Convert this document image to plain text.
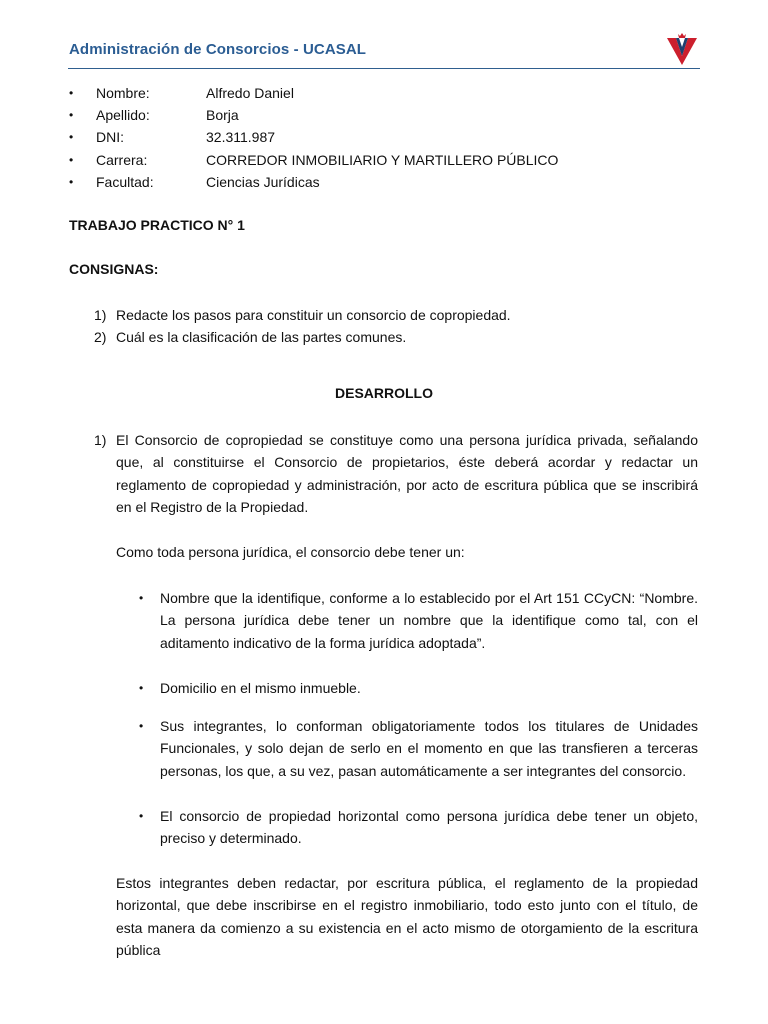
Administración de Consorcios - UCASAL
• Nombre:	Alfredo Daniel
• Apellido:	Borja
• DNI:	32.311.987
• Carrera:	CORREDOR INMOBILIARIO Y MARTILLERO PÚBLICO
• Facultad:	Ciencias Jurídicas
TRABAJO PRACTICO N° 1
CONSIGNAS:
1) Redacte los pasos para constituir un consorcio de copropiedad.
2) Cuál es la clasificación de las partes comunes.
DESARROLLO
1) El Consorcio de copropiedad se constituye como una persona jurídica privada, señalando que, al constituirse el Consorcio de propietarios, éste deberá acordar y redactar un reglamento de copropiedad y administración, por acto de escritura pública que se inscribirá en el Registro de la Propiedad.
Como toda persona jurídica, el consorcio debe tener un:
• Nombre que la identifique, conforme a lo establecido por el Art 151 CCyCN: “Nombre. La persona jurídica debe tener un nombre que la identifique como tal, con el aditamento indicativo de la forma jurídica adoptada”.
• Domicilio en el mismo inmueble.
• Sus integrantes, lo conforman obligatoriamente todos los titulares de Unidades Funcionales, y solo dejan de serlo en el momento en que las transfieren a terceras personas, los que, a su vez, pasan automáticamente a ser integrantes del consorcio.
• El consorcio de propiedad horizontal como persona jurídica debe tener un objeto, preciso y determinado.
Estos integrantes deben redactar, por escritura pública, el reglamento de la propiedad horizontal, que debe inscribirse en el registro inmobiliario, todo esto junto con el título, de esta manera da comienzo a su existencia en el acto mismo de otorgamiento de la escritura pública
